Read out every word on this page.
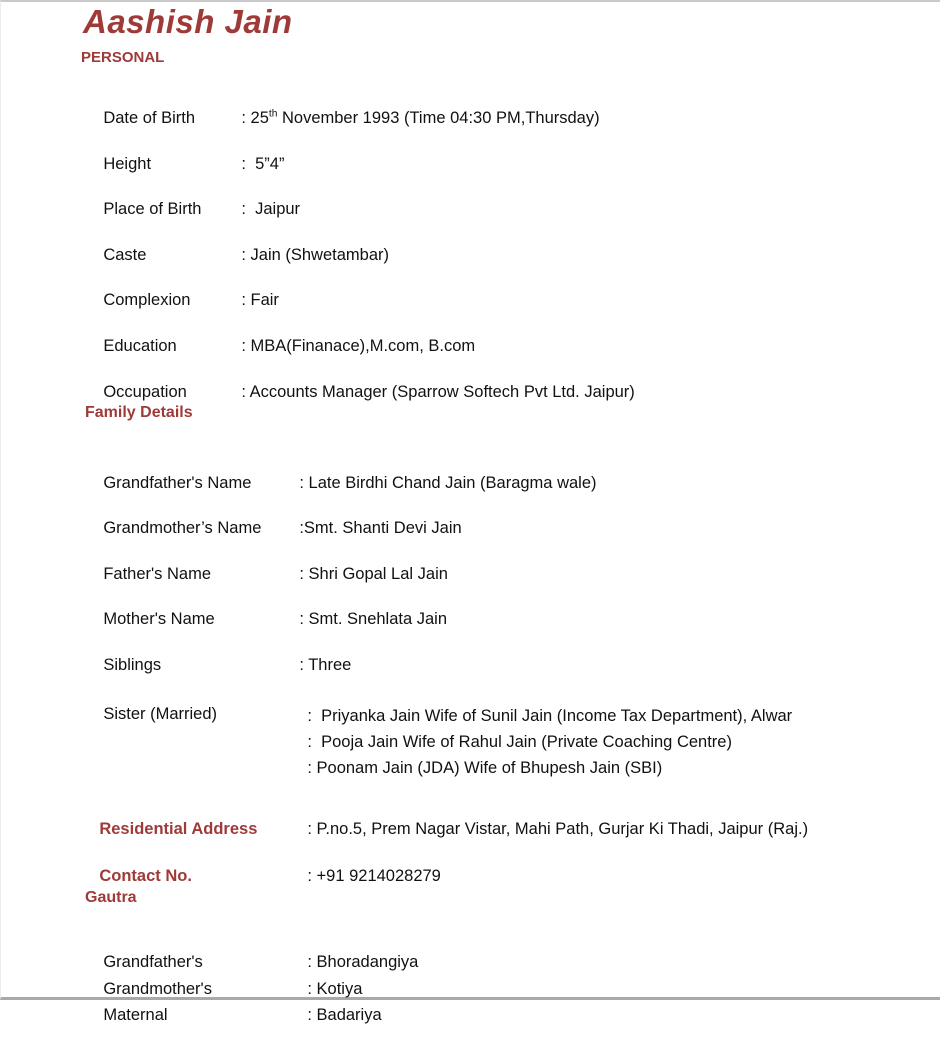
Aashish Jain
PERSONAL

Date of Birth	: 25th November 1993 (Time 04:30 PM,Thursday)

Height	:  5”4”

Place of Birth :  Jaipur

Caste	: Jain (Shwetambar)

Complexion	: Fair

Education	: MBA(Finanace),M.com, B.com

Occupation	: Accounts Manager (Sparrow Softech Pvt Ltd. Jaipur)

Family Details

Grandfather's Name	: Late Birdhi Chand Jain (Baragma wale)

Grandmother’s Name :Smt. Shanti Devi Jain

Father's Name	: Shri Gopal Lal Jain

Mother's Name	: Smt. Snehlata Jain

Siblings	: Three

Sister (Married)	:  Priyanka Jain Wife of Sunil Jain (Income Tax Department), Alwar
:  Pooja Jain Wife of Rahul Jain (Private Coaching Centre)
: Poonam Jain (JDA) Wife of Bhupesh Jain (SBI)

Residential Address	: P.no.5, Prem Nagar Vistar, Mahi Path, Gurjar Ki Thadi, Jaipur (Raj.)

Contact No.	: +91 9214028279

Gautra

Grandfather's	: Bhoradangiya

Grandmother's	: Kotiya

Maternal	: Badariya
